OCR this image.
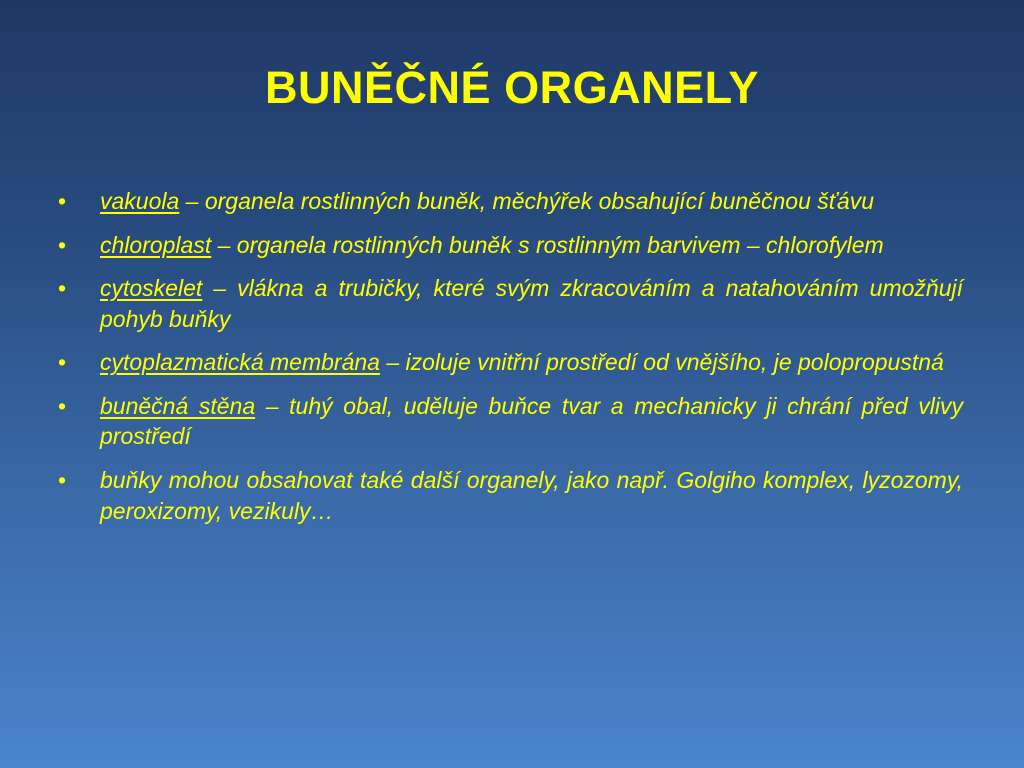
BUNĚČNÉ ORGANELY
• vakuola – organela rostlinných buněk, měchýřek obsahující buněčnou šťávu
• chloroplast – organela rostlinných buněk s rostlinným barvivem – chlorofylem
• cytoskelet – vlákna a trubičky, které svým zkracováním a natahováním umožňují pohyb buňky
• cytoplazmatická membrána – izoluje vnitřní prostředí od vnějšího, je polopropustná
• buněčná stěna – tuhý obal, uděluje buňce tvar a mechanicky ji chrání před vlivy prostředí
• buňky mohou obsahovat také další organely, jako např. Golgiho komplex, lyzozomy, peroxizomy, vezikuly…
